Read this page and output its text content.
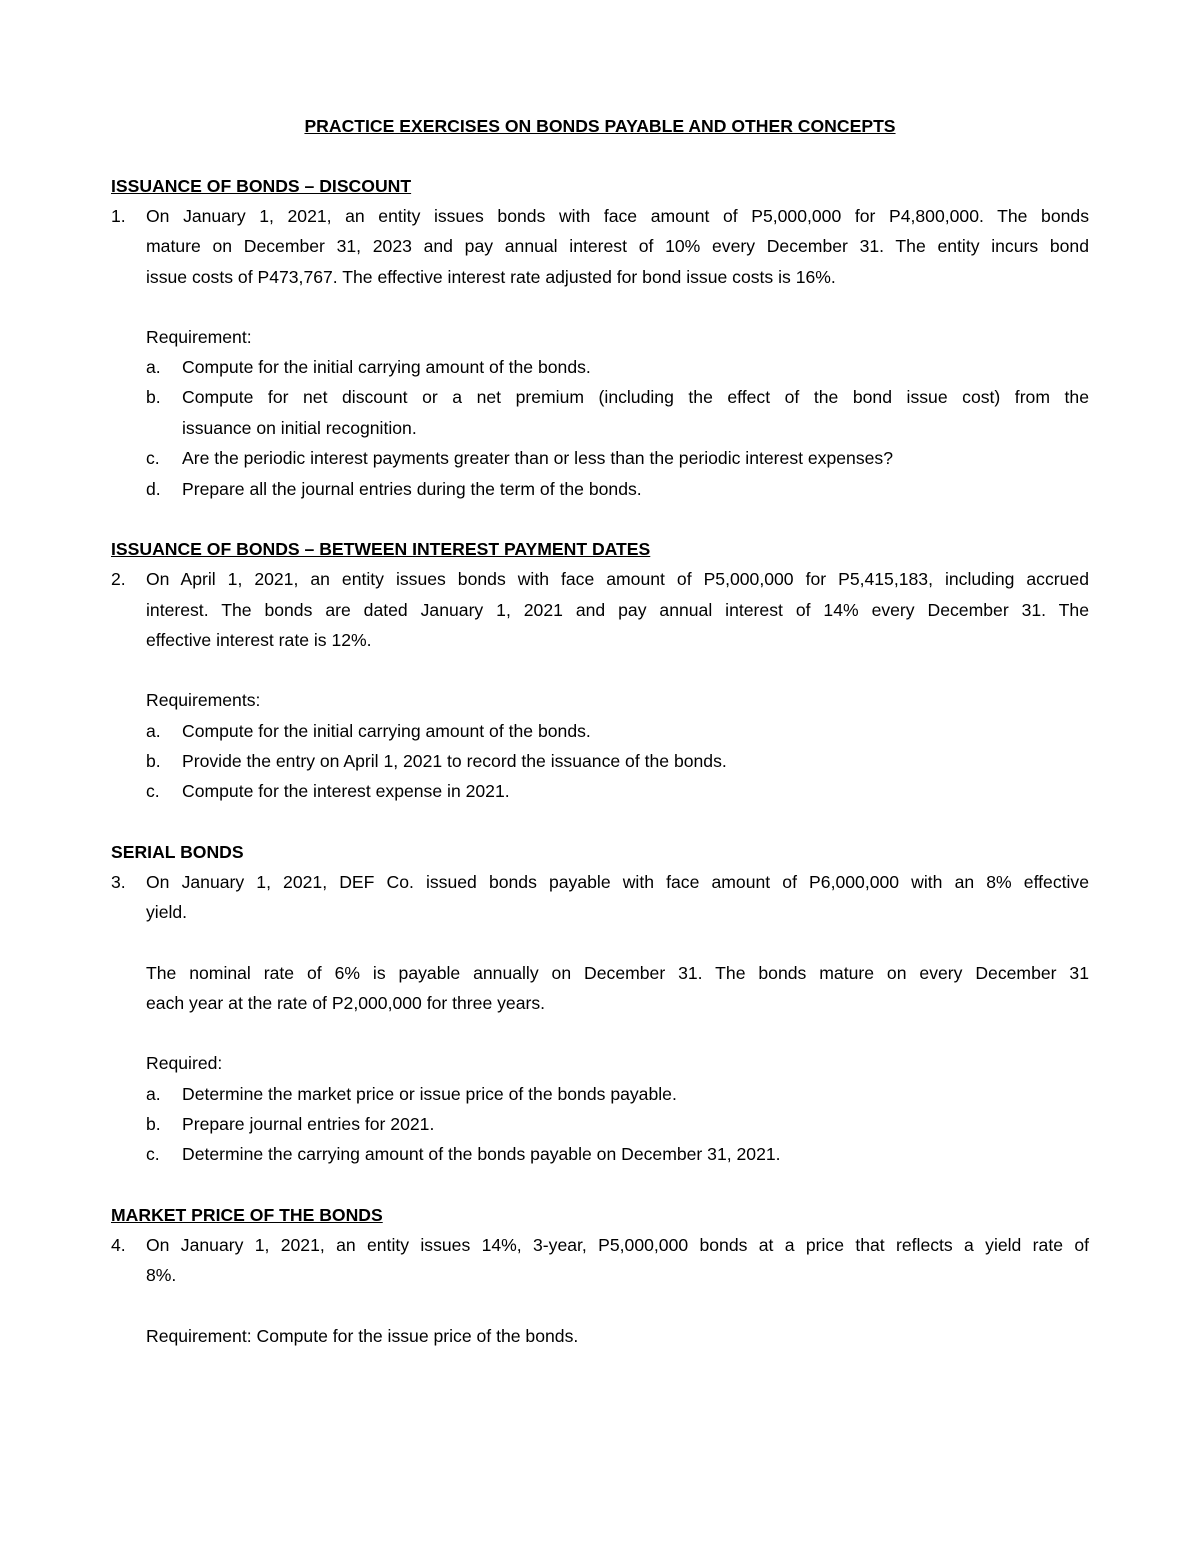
PRACTICE EXERCISES ON BONDS PAYABLE AND OTHER CONCEPTS
ISSUANCE OF BONDS – DISCOUNT
1. On January 1, 2021, an entity issues bonds with face amount of P5,000,000 for P4,800,000. The bonds
mature on December 31, 2023 and pay annual interest of 10% every December 31. The entity incurs bond
issue costs of P473,767. The effective interest rate adjusted for bond issue costs is 16%.
Requirement:
a. Compute for the initial carrying amount of the bonds.
b. Compute for net discount or a net premium (including the effect of the bond issue cost) from the
issuance on initial recognition.
c. Are the periodic interest payments greater than or less than the periodic interest expenses?
d. Prepare all the journal entries during the term of the bonds.
ISSUANCE OF BONDS – BETWEEN INTEREST PAYMENT DATES
2. On April 1, 2021, an entity issues bonds with face amount of P5,000,000 for P5,415,183, including accrued
interest. The bonds are dated January 1, 2021 and pay annual interest of 14% every December 31. The
effective interest rate is 12%.
Requirements:
a. Compute for the initial carrying amount of the bonds.
b. Provide the entry on April 1, 2021 to record the issuance of the bonds.
c. Compute for the interest expense in 2021.
SERIAL BONDS
3. On January 1, 2021, DEF Co. issued bonds payable with face amount of P6,000,000 with an 8% effective
yield.
The nominal rate of 6% is payable annually on December 31. The bonds mature on every December 31
each year at the rate of P2,000,000 for three years.
Required:
a. Determine the market price or issue price of the bonds payable.
b. Prepare journal entries for 2021.
c. Determine the carrying amount of the bonds payable on December 31, 2021.
MARKET PRICE OF THE BONDS
4. On January 1, 2021, an entity issues 14%, 3-year, P5,000,000 bonds at a price that reflects a yield rate of
8%.
Requirement: Compute for the issue price of the bonds.
